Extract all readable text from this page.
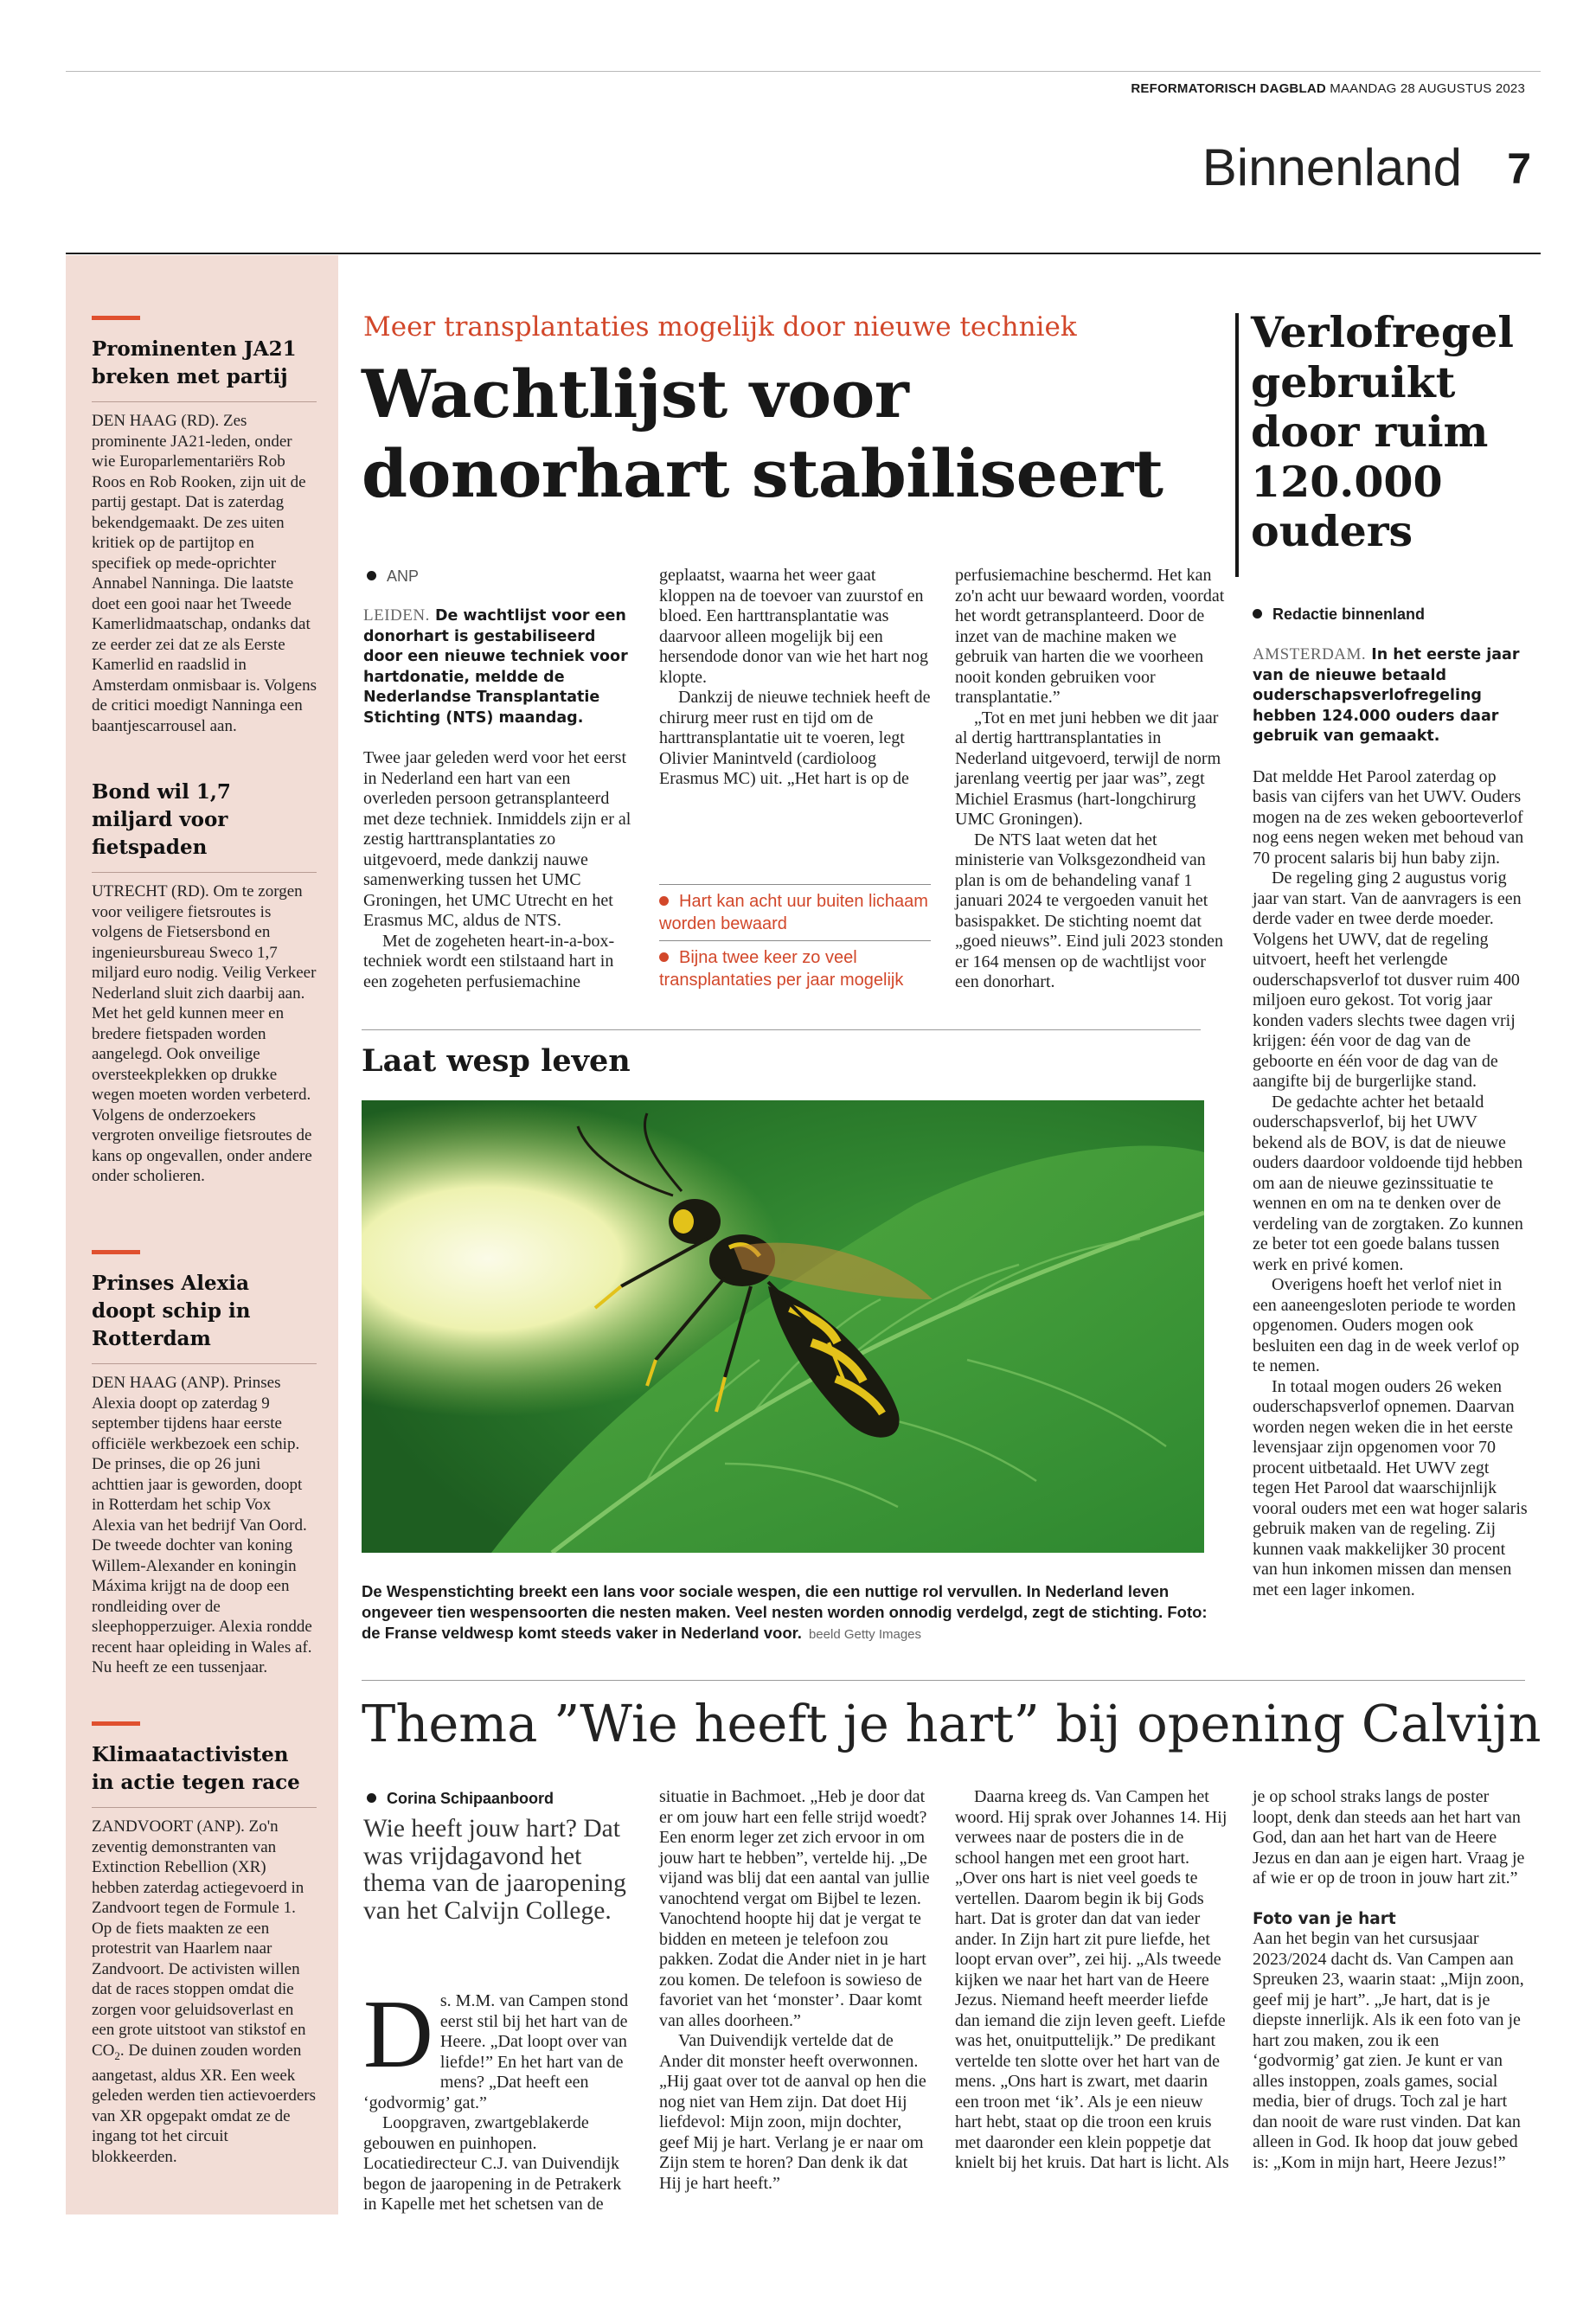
REFORMATORISCH DAGBLAD MAANDAG 28 AUGUSTUS 2023
Binnenland	7
Prominenten JA21 breken met partij
DEN HAAG (RD). Zes prominente JA21-leden, onder wie Europarlementariërs Rob Roos en Rob Rooken, zijn uit de partij gestapt. Dat is zaterdag bekendgemaakt. De zes uiten kritiek op de partijtop en specifiek op mede-oprichter Annabel Nanninga. Die laatste doet een gooi naar het Tweede Kamerlidmaatschap, ondanks dat ze eerder zei dat ze als Eerste Kamerlid en raadslid in Amsterdam onmisbaar is. Volgens de critici moedigt Nanninga een baantjescarrousel aan.
Bond wil 1,7 miljard voor fietspaden
UTRECHT (RD). Om te zorgen voor veiligere fietsroutes is volgens de Fietsersbond en ingenieursbureau Sweco 1,7 miljard euro nodig. Veilig Verkeer Nederland sluit zich daarbij aan. Met het geld kunnen meer en bredere fietspaden worden aangelegd. Ook onveilige oversteekplekken op drukke wegen moeten worden verbeterd. Volgens de onderzoekers vergroten onveilige fietsroutes de kans op ongevallen, onder andere onder scholieren.
Prinses Alexia doopt schip in Rotterdam
DEN HAAG (ANP). Prinses Alexia doopt op zaterdag 9 september tijdens haar eerste officiële werkbezoek een schip. De prinses, die op 26 juni achttien jaar is geworden, doopt in Rotterdam het schip Vox Alexia van het bedrijf Van Oord. De tweede dochter van koning Willem-Alexander en koningin Máxima krijgt na de doop een rondleiding over de sleephopperzuiger. Alexia rondde recent haar opleiding in Wales af. Nu heeft ze een tussenjaar.
Klimaatactivisten in actie tegen race
ZANDVOORT (ANP). Zo'n zeventig demonstranten van Extinction Rebellion (XR) hebben zaterdag actiegevoerd in Zandvoort tegen de Formule 1. Op de fiets maakten ze een protestrit van Haarlem naar Zandvoort. De activisten willen dat de races stoppen omdat die zorgen voor geluidsoverlast en een grote uitstoot van stikstof en $CO_2$. De duinen zouden worden aangetast, aldus XR. Een week geleden werden tien actievoerders van XR opgepakt omdat ze de ingang tot het circuit blokkeerden.
Meer transplantaties mogelijk door nieuwe techniek
Wachtlijst voor donorhart stabiliseert
ANP

LEIDEN. De wachtlijst voor een donorhart is gestabiliseerd door een nieuwe techniek voor hartdonatie, meldde de Nederlandse Transplantatie Stichting (NTS) maandag.

Twee jaar geleden werd voor het eerst in Nederland een hart van een overleden persoon getransplanteerd met deze techniek. Inmiddels zijn er al zestig harttransplantaties zo uitgevoerd, mede dankzij nauwe samenwerking tussen het UMC Groningen, het UMC Utrecht en het Erasmus MC, aldus de NTS.

Met de zogeheten heart-in-a-box-techniek wordt een stilstaand hart in een zogeheten perfusiemachine

geplaatst, waarna het weer gaat kloppen na de toevoer van zuurstof en bloed. Een harttransplantatie was daarvoor alleen mogelijk bij een hersendode donor van wie het hart nog klopte.

Dankzij de nieuwe techniek heeft de chirurg meer rust en tijd om de harttransplantatie uit te voeren, legt Olivier Manintveld (cardioloog Erasmus MC) uit. „Het hart is op de

Hart kan acht uur buiten lichaam worden bewaard
Bijna twee keer zo veel transplantaties per jaar mogelijk

perfusiemachine beschermd. Het kan zo'n acht uur bewaard worden, voordat het wordt getransplanteerd. Door de inzet van de machine maken we gebruik van harten die we voorheen nooit konden gebruiken voor transplantatie.”

„Tot en met juni hebben we dit jaar al dertig harttransplantaties in Nederland uitgevoerd, terwijl de norm jarenlang veertig per jaar was”, zegt Michiel Erasmus (hart-longchirurg UMC Groningen).

De NTS laat weten dat het ministerie van Volksgezondheid van plan is om de behandeling vanaf 1 januari 2024 te vergoeden vanuit het basispakket. De stichting noemt dat „goed nieuws”. Eind juli 2023 stonden er 164 mensen op de wachtlijst voor een donorhart.

Laat wesp leven
De Wespenstichting breekt een lans voor sociale wespen, die een nuttige rol vervullen. In Nederland leven ongeveer tien wespensoorten die nesten maken. Veel nesten worden onnodig verdelgd, zegt de stichting. Foto: de Franse veldwesp komt steeds vaker in Nederland voor. beeld Getty Images
Verlofregel gebruikt door ruim 120.000 ouders
Redactie binnenland

AMSTERDAM. In het eerste jaar van de nieuwe betaald ouderschapsverlofregeling hebben 124.000 ouders daar gebruik van gemaakt.

Dat meldde Het Parool zaterdag op basis van cijfers van het UWV. Ouders mogen na de zes weken geboorteverlof nog eens negen weken met behoud van 70 procent salaris bij hun baby zijn.

De regeling ging 2 augustus vorig jaar van start. Van de aanvragers is een derde vader en twee derde moeder. Volgens het UWV, dat de regeling uitvoert, heeft het verlengde ouderschapsverlof tot dusver ruim 400 miljoen euro gekost. Tot vorig jaar konden vaders slechts twee dagen vrij krijgen: één voor de dag van de geboorte en één voor de dag van de aangifte bij de burgerlijke stand.

De gedachte achter het betaald ouderschapsverlof, bij het UWV bekend als de BOV, is dat de nieuwe ouders daardoor voldoende tijd hebben om aan de nieuwe gezinssituatie te wennen en om na te denken over de verdeling van de zorgtaken. Zo kunnen ze beter tot een goede balans tussen werk en privé komen.

Overigens hoeft het verlof niet in een aaneengesloten periode te worden opgenomen. Ouders mogen ook besluiten een dag in de week verlof op te nemen.

In totaal mogen ouders 26 weken ouderschapsverlof opnemen. Daarvan worden negen weken die in het eerste levensjaar zijn opgenomen voor 70 procent uitbetaald. Het UWV zegt tegen Het Parool dat waarschijnlijk vooral ouders met een wat hoger salaris gebruik maken van de regeling. Zij kunnen vaak makkelijker 30 procent van hun inkomen missen dan mensen met een lager inkomen.

Thema ”Wie heeft je hart” bij opening Calvijn
Corina Schipaanboord
Wie heeft jouw hart? Dat was vrijdagavond het thema van de jaaropening van het Calvijn College.

Ds. M.M. van Campen stond eerst stil bij het hart van de Heere. „Dat loopt over van liefde!” En het hart van de mens? „Dat heeft een ‘godvormig’ gat.”

Loopgraven, zwartgeblakerde gebouwen en puinhopen. Locatiedirecteur C.J. van Duivendijk begon de jaaropening in de Petrakerk in Kapelle met het schetsen van de

situatie in Bachmoet. „Heb je door dat er om jouw hart een felle strijd woedt? Een enorm leger zet zich ervoor in om jouw hart te hebben”, vertelde hij. „De vijand was blij dat een aantal van jullie vanochtend vergat om Bijbel te lezen. Vanochtend hoopte hij dat je vergat te bidden en meteen je telefoon zou pakken. Zodat die Ander niet in je hart zou komen. De telefoon is sowieso de favoriet van het ‘monster’. Daar komt van alles doorheen.”

Van Duivendijk vertelde dat de Ander dit monster heeft overwonnen. „Hij gaat over tot de aanval op hen die nog niet van Hem zijn. Dat doet Hij liefdevol: Mijn zoon, mijn dochter, geef Mij je hart. Verlang je er naar om Zijn stem te horen? Dan denk ik dat Hij je hart heeft.”

Daarna kreeg ds. Van Campen het woord. Hij sprak over Johannes 14. Hij verwees naar de posters die in de school hangen met een groot hart. „Over ons hart is niet veel goeds te vertellen. Daarom begin ik bij Gods hart. Dat is groter dan dat van ieder ander. In Zijn hart zit pure liefde, het loopt ervan over”, zei hij. „Als tweede kijken we naar het hart van de Heere Jezus. Niemand heeft meerder liefde dan iemand die zijn leven geeft. Liefde was het, onuitputtelijk.” De predikant vertelde ten slotte over het hart van de mens. „Ons hart is zwart, met daarin een troon met ‘ik’. Als je een nieuw hart hebt, staat op die troon een kruis met daaronder een klein poppetje dat knielt bij het kruis. Dat hart is licht. Als

je op school straks langs de poster loopt, denk dan steeds aan het hart van God, dan aan het hart van de Heere Jezus en dan aan je eigen hart. Vraag je af wie er op de troon in jouw hart zit.”

Foto van je hart

Aan het begin van het cursusjaar 2023/2024 dacht ds. Van Campen aan Spreuken 23, waarin staat: „Mijn zoon, geef mij je hart”. „Je hart, dat is je diepste innerlijk. Als ik een foto van je hart zou maken, zou ik een ‘godvormig’ gat zien. Je kunt er van alles instoppen, zoals games, social media, bier of drugs. Toch zal je hart dan nooit de ware rust vinden. Dat kan alleen in God. Ik hoop dat jouw gebed is: „Kom in mijn hart, Heere Jezus!”
